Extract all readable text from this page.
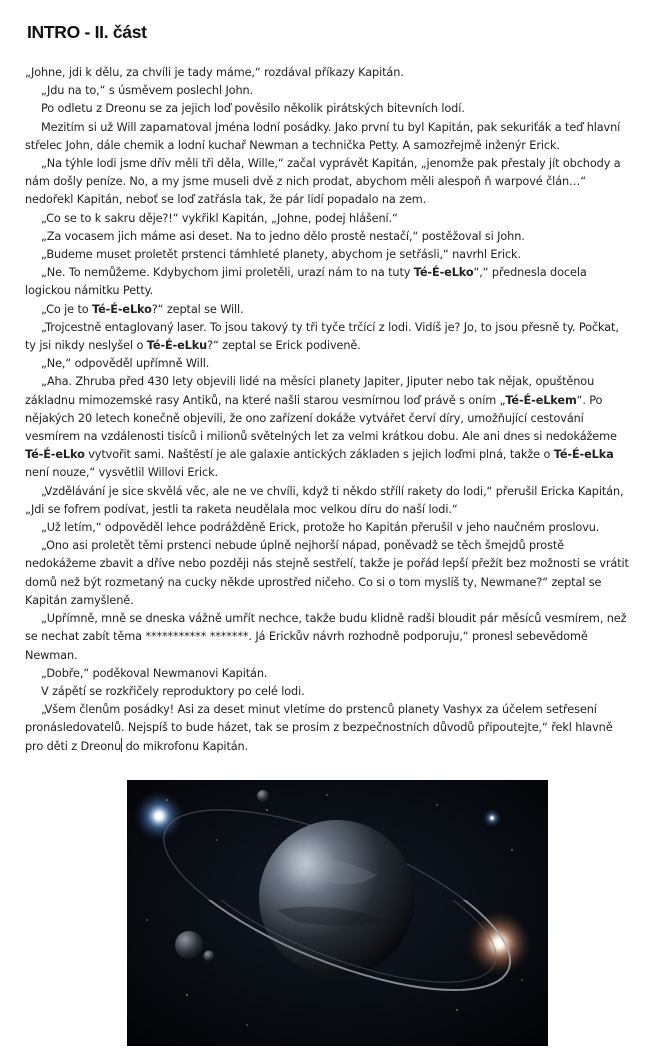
INTRO - II. část

„Johne, jdi k dělu, za chvíli je tady máme,“ rozdával příkazy Kapitán.

„Jdu na to,“ s úsměvem poslechl John.

Po odletu z Dreonu se za jejich loď pověsilo několik pirátských bitevních lodí.

Mezitím si už Will zapamatoval jména lodní posádky. Jako první tu byl Kapitán, pak sekuriťák a teď hlavní střelec John, dále chemik a lodní kuchař Newman a technička Petty. A samozřejmě inženýr Erick.

„Na týhle lodi jsme dřív měli tři děla, Wille,“ začal vyprávět Kapitán, „jenomže pak přestaly jít obchody a nám došly peníze. No, a my jsme museli dvě z nich prodat, abychom měli alespoň ň warpové člán…“ nedořekl Kapitán, neboť se loď zatřásla tak, že pár lidí popadalo na zem.

„Co se to k sakru děje?!“ vykřikl Kapitán, „Johne, podej hlášení.“

„Za vocasem jich máme asi deset. Na to jedno dělo prostě nestačí,“ postěžoval si John.

„Budeme muset proletět prstenci támhleté planety, abychom je setřásli,“ navrhl Erick.

„Ne. To nemůžeme. Kdybychom jimi proletěli, urazí nám to na tuty Té-É-eLko“,“ přednesla docela logickou námitku Petty.

„Co je to Té-É-eLko?“ zeptal se Will.

„Trojcestně entaglovaný laser. To jsou takový ty tři tyče trčící z lodi. Vidíš je? Jo, to jsou přesně ty. Počkat, ty jsi nikdy neslyšel o Té-É-eLku?“ zeptal se Erick podiveně.

„Ne,“ odpověděl upřímně Will.

„Aha. Zhruba před 430 lety objevili lidé na měsíci planety Japiter, Jiputer nebo tak nějak, opuštěnou základnu mimozemské rasy Antiků, na které našli starou vesmírnou loď právě s oním „Té-É-eLkem“. Po nějakých 20 letech konečně objevili, že ono zařízení dokáže vytvářet červí díry, umožňující cestování vesmírem na vzdálenosti tisíců i milionů světelných let za velmi krátkou dobu. Ale ani dnes si nedokážeme Té-É-eLko vytvořit sami. Naštěstí je ale galaxie antických základen s jejich loďmi plná, takže o Té-É-eLka není nouze,“ vysvětlil Willovi Erick.

„Vzdělávání je sice skvělá věc, ale ne ve chvíli, když ti někdo střílí rakety do lodi,“ přerušil Ericka Kapitán, „Jdi se fofrem podívat, jestli ta raketa neudělala moc velkou díru do naší lodi.“

„Už letím,“ odpověděl lehce podrážděně Erick, protože ho Kapitán přerušil v jeho naučném proslovu.

„Ono asi proletět těmi prstenci nebude úplně nejhorší nápad, poněvadž se těch šmejdů prostě nedokážeme zbavit a dříve nebo později nás stejně sestřelí, takže je pořád lepší přežít bez možnosti se vrátit domů než být rozmetaný na cucky někde uprostřed ničeho. Co si o tom myslíš ty, Newmane?“ zeptal se Kapitán zamyšleně.

„Upřímně, mně se dneska vážně umřít nechce, takže budu klidně radši bloudit pár měsíců vesmírem, než se nechat zabít těma *********** *******. Já Erickův návrh rozhodně podporuju,“ pronesl sebevědomě Newman.

„Dobře,“ poděkoval Newmanovi Kapitán.

V zápětí se rozkřičely reproduktory po celé lodi.

„Všem členům posádky! Asi za deset minut vletíme do prstenců planety Vashyx za účelem setřesení pronásledovatelů. Nejspíš to bude házet, tak se prosím z bezpečnostních důvodů připoutejte,“ řekl hlavně pro děti z Dreonu do mikrofonu Kapitán.
